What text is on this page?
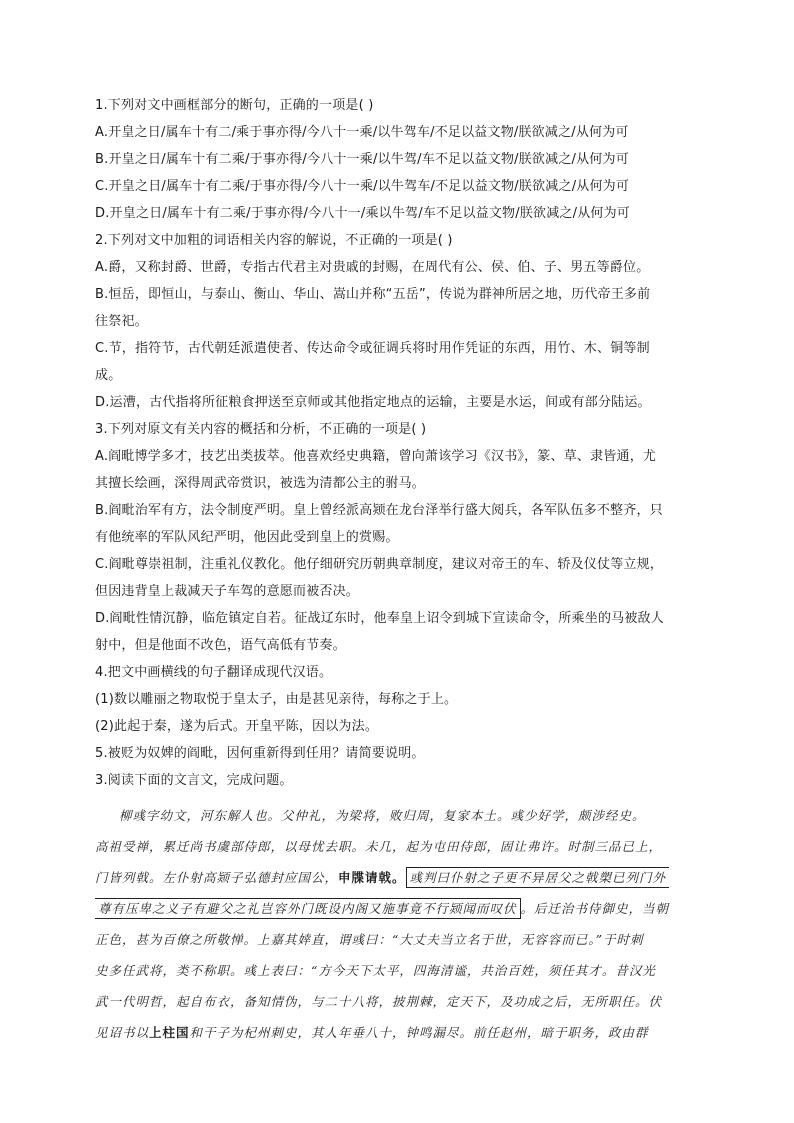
1.下列对文中画框部分的断句，正确的一项是( )
A.开皇之日/属车十有二/乘于事亦得/今八十一乘/以牛驾车/不足以益文物/朕欲减之/从何为可
B.开皇之日/属车十有二乘/于事亦得/今八十一乘/以牛驾/车不足以益文物/朕欲减之/从何为可
C.开皇之日/属车十有二乘/于事亦得/今八十一乘/以牛驾车/不足以益文物/朕欲减之/从何为可
D.开皇之日/属车十有二乘/于事亦得/今八十一/乘以牛驾/车不足以益文物/朕欲减之/从何为可
2.下列对文中加粗的词语相关内容的解说，不正确的一项是( )
A.爵，又称封爵、世爵，专指古代君主对贵戚的封赐，在周代有公、侯、伯、子、男五等爵位。
B.恒岳，即恒山，与泰山、衡山、华山、嵩山并称“五岳”，传说为群神所居之地，历代帝王多前
往祭祀。
C.节，指符节，古代朝廷派遣使者、传达命令或征调兵将时用作凭证的东西，用竹、木、铜等制
成。
D.运漕，古代指将所征粮食押送至京师或其他指定地点的运输，主要是水运，间或有部分陆运。
3.下列对原文有关内容的概括和分析，不正确的一项是( )
A.阎毗博学多才，技艺出类拔萃。他喜欢经史典籍，曾向萧该学习《汉书》，篆、草、隶皆通，尤
其擅长绘画，深得周武帝赏识，被选为清都公主的驸马。
B.阎毗治军有方，法令制度严明。皇上曾经派高颎在龙台泽举行盛大阅兵，各军队伍多不整齐，只
有他统率的军队风纪严明，他因此受到皇上的赏赐。
C.阎毗尊崇祖制，注重礼仪教化。他仔细研究历朝典章制度，建议对帝王的车、轿及仪仗等立规，
但因违背皇上裁减天子车驾的意愿而被否决。
D.阎毗性情沉静，临危镇定自若。征战辽东时，他奉皇上诏令到城下宣读命令，所乘坐的马被敌人
射中，但是他面不改色，语气高低有节奏。
4.把文中画横线的句子翻译成现代汉语。
(1)数以雕丽之物取悦于皇太子，由是甚见亲待，每称之于上。
(2)此起于秦，遂为后式。开皇平陈，因以为法。
5.被贬为奴婢的阎毗，因何重新得到任用？请简要说明。
3.阅读下面的文言文，完成问题。
柳彧字幼文，河东解人也。父仲礼，为梁将，败归周，复家本土。彧少好学，颇涉经史。
高祖受禅，累迁尚书虞部侍郎，以母忧去职。未几，起为屯田侍郎，固让弗许。时制三品已上，
门皆列戟。左仆射高颎子弘德封应国公，申牒请戟。 彧判曰仆射之子更不异居父之戟槊已列门外
尊有压卑之义子有避父之礼岂容外门既设内阁又施事竟不行颎闻而叹伏 。后迁治书侍御史，当朝
正色，甚为百僚之所敬惮。上嘉其婞直，谓彧曰：“大丈夫当立名于世，无容容而已。”于时刺
史多任武将，类不称职。彧上表曰：“方今天下太平，四海清谧，共治百姓，须任其才。昔汉光
武一代明哲，起自布衣，备知情伪，与二十八将，披荆棘，定天下，及功成之后，无所职任。伏
见诏书以上柱国和干子为杞州刺史，其人年垂八十，钟鸣漏尽。前任赵州，暗于职务，政由群
